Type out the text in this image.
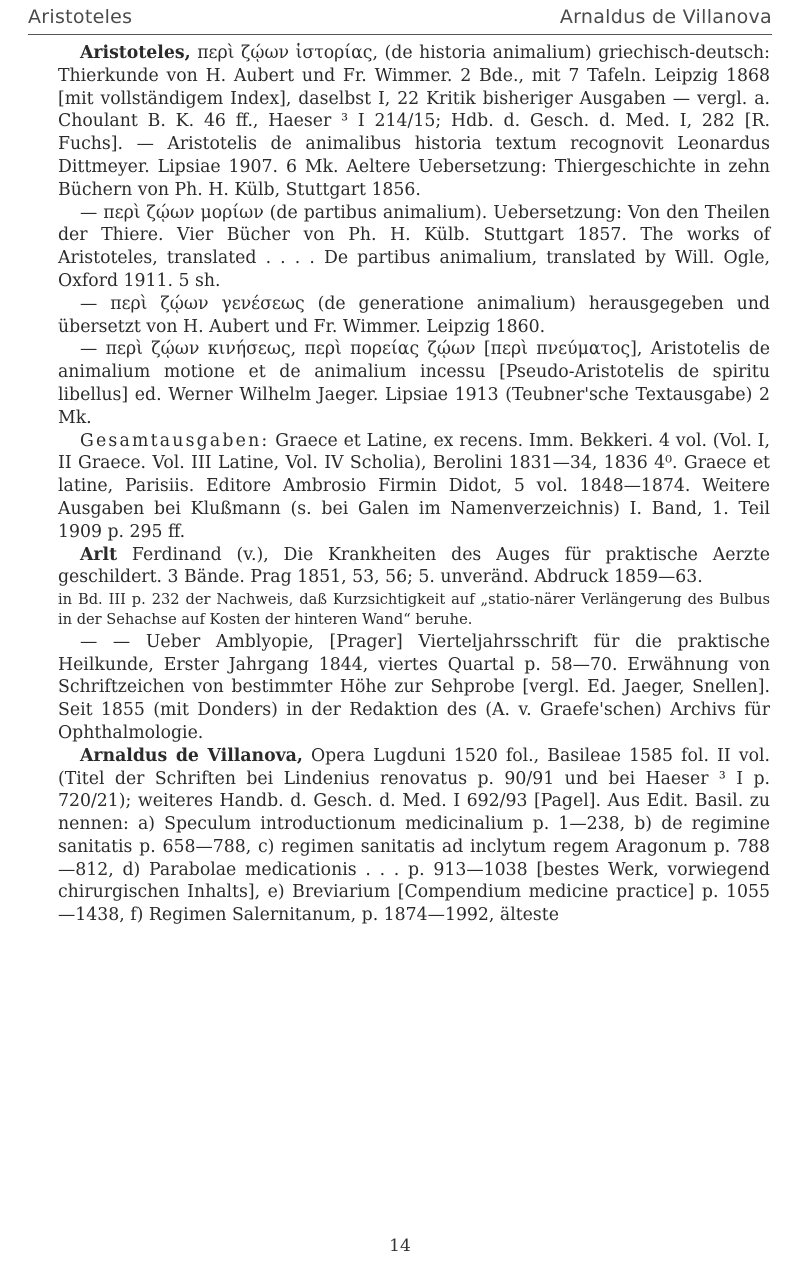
Aristoteles	Arnaldus de Villanova

Aristoteles, περὶ ζῴων ἱστορίας, (de historia animalium) griechisch-deutsch: Thierkunde von H. Aubert und Fr. Wimmer. 2 Bde., mit 7 Tafeln. Leipzig 1868 [mit vollständigem Index], daselbst I, 22 Kritik bisheriger Ausgaben — vergl. a. Choulant B. K. 46 ff., Haeser ³ I 214/15; Hdb. d. Gesch. d. Med. I, 282 [R. Fuchs]. — Aristotelis de animalibus historia textum recognovit Leonardus Dittmeyer. Lipsiae 1907. 6 Mk. Aeltere Uebersetzung: Thiergeschichte in zehn Büchern von Ph. H. Külb, Stuttgart 1856.

— περὶ ζῴων μορίων (de partibus animalium). Uebersetzung: Von den Theilen der Thiere. Vier Bücher von Ph. H. Külb. Stuttgart 1857. The works of Aristoteles, translated . . . . De partibus animalium, translated by Will. Ogle, Oxford 1911. 5 sh.

— περὶ ζῴων γενέσεως (de generatione animalium) herausgegeben und übersetzt von H. Aubert und Fr. Wimmer. Leipzig 1860.

— περὶ ζῴων κινήσεως, περὶ πορείας ζῴων [περὶ πνεύματος], Aristotelis de animalium motione et de animalium incessu [Pseudo-Aristotelis de spiritu libellus] ed. Werner Wilhelm Jaeger. Lipsiae 1913 (Teubner'sche Textausgabe) 2 Mk.

Gesamtausgaben: Graece et Latine, ex recens. Imm. Bekkeri. 4 vol. (Vol. I, II Graece. Vol. III Latine, Vol. IV Scholia), Berolini 1831—34, 1836 4⁰. Graece et latine, Parisiis. Editore Ambrosio Firmin Didot, 5 vol. 1848—1874. Weitere Ausgaben bei Klußmann (s. bei Galen im Namenverzeichnis) I. Band, 1. Teil 1909 p. 295 ff.

Arlt Ferdinand (v.), Die Krankheiten des Auges für praktische Aerzte geschildert. 3 Bände. Prag 1851, 53, 56; 5. unveränd. Abdruck 1859—63.

in Bd. III p. 232 der Nachweis, daß Kurzsichtigkeit auf „statio-närer Verlängerung des Bulbus in der Sehachse auf Kosten der hinteren Wand“ beruhe.

— — Ueber Amblyopie, [Prager] Vierteljahrsschrift für die praktische Heilkunde, Erster Jahrgang 1844, viertes Quartal p. 58—70. Erwähnung von Schriftzeichen von bestimmter Höhe zur Sehprobe [vergl. Ed. Jaeger, Snellen]. Seit 1855 (mit Donders) in der Redaktion des (A. v. Graefe'schen) Archivs für Ophthalmologie.

Arnaldus de Villanova, Opera Lugduni 1520 fol., Basileae 1585 fol. II vol. (Titel der Schriften bei Lindenius renovatus p. 90/91 und bei Haeser ³ I p. 720/21); weiteres Handb. d. Gesch. d. Med. I 692/93 [Pagel]. Aus Edit. Basil. zu nennen: a) Speculum introductionum medicinalium p. 1—238, b) de regimine sanitatis p. 658—788, c) regimen sanitatis ad inclytum regem Aragonum p. 788—812, d) Parabolae medicationis . . . p. 913—1038 [bestes Werk, vorwiegend chirurgischen Inhalts], e) Breviarium [Compendium medicine practice] p. 1055—1438, f) Regimen Salernitanum, p. 1874—1992, älteste

14
